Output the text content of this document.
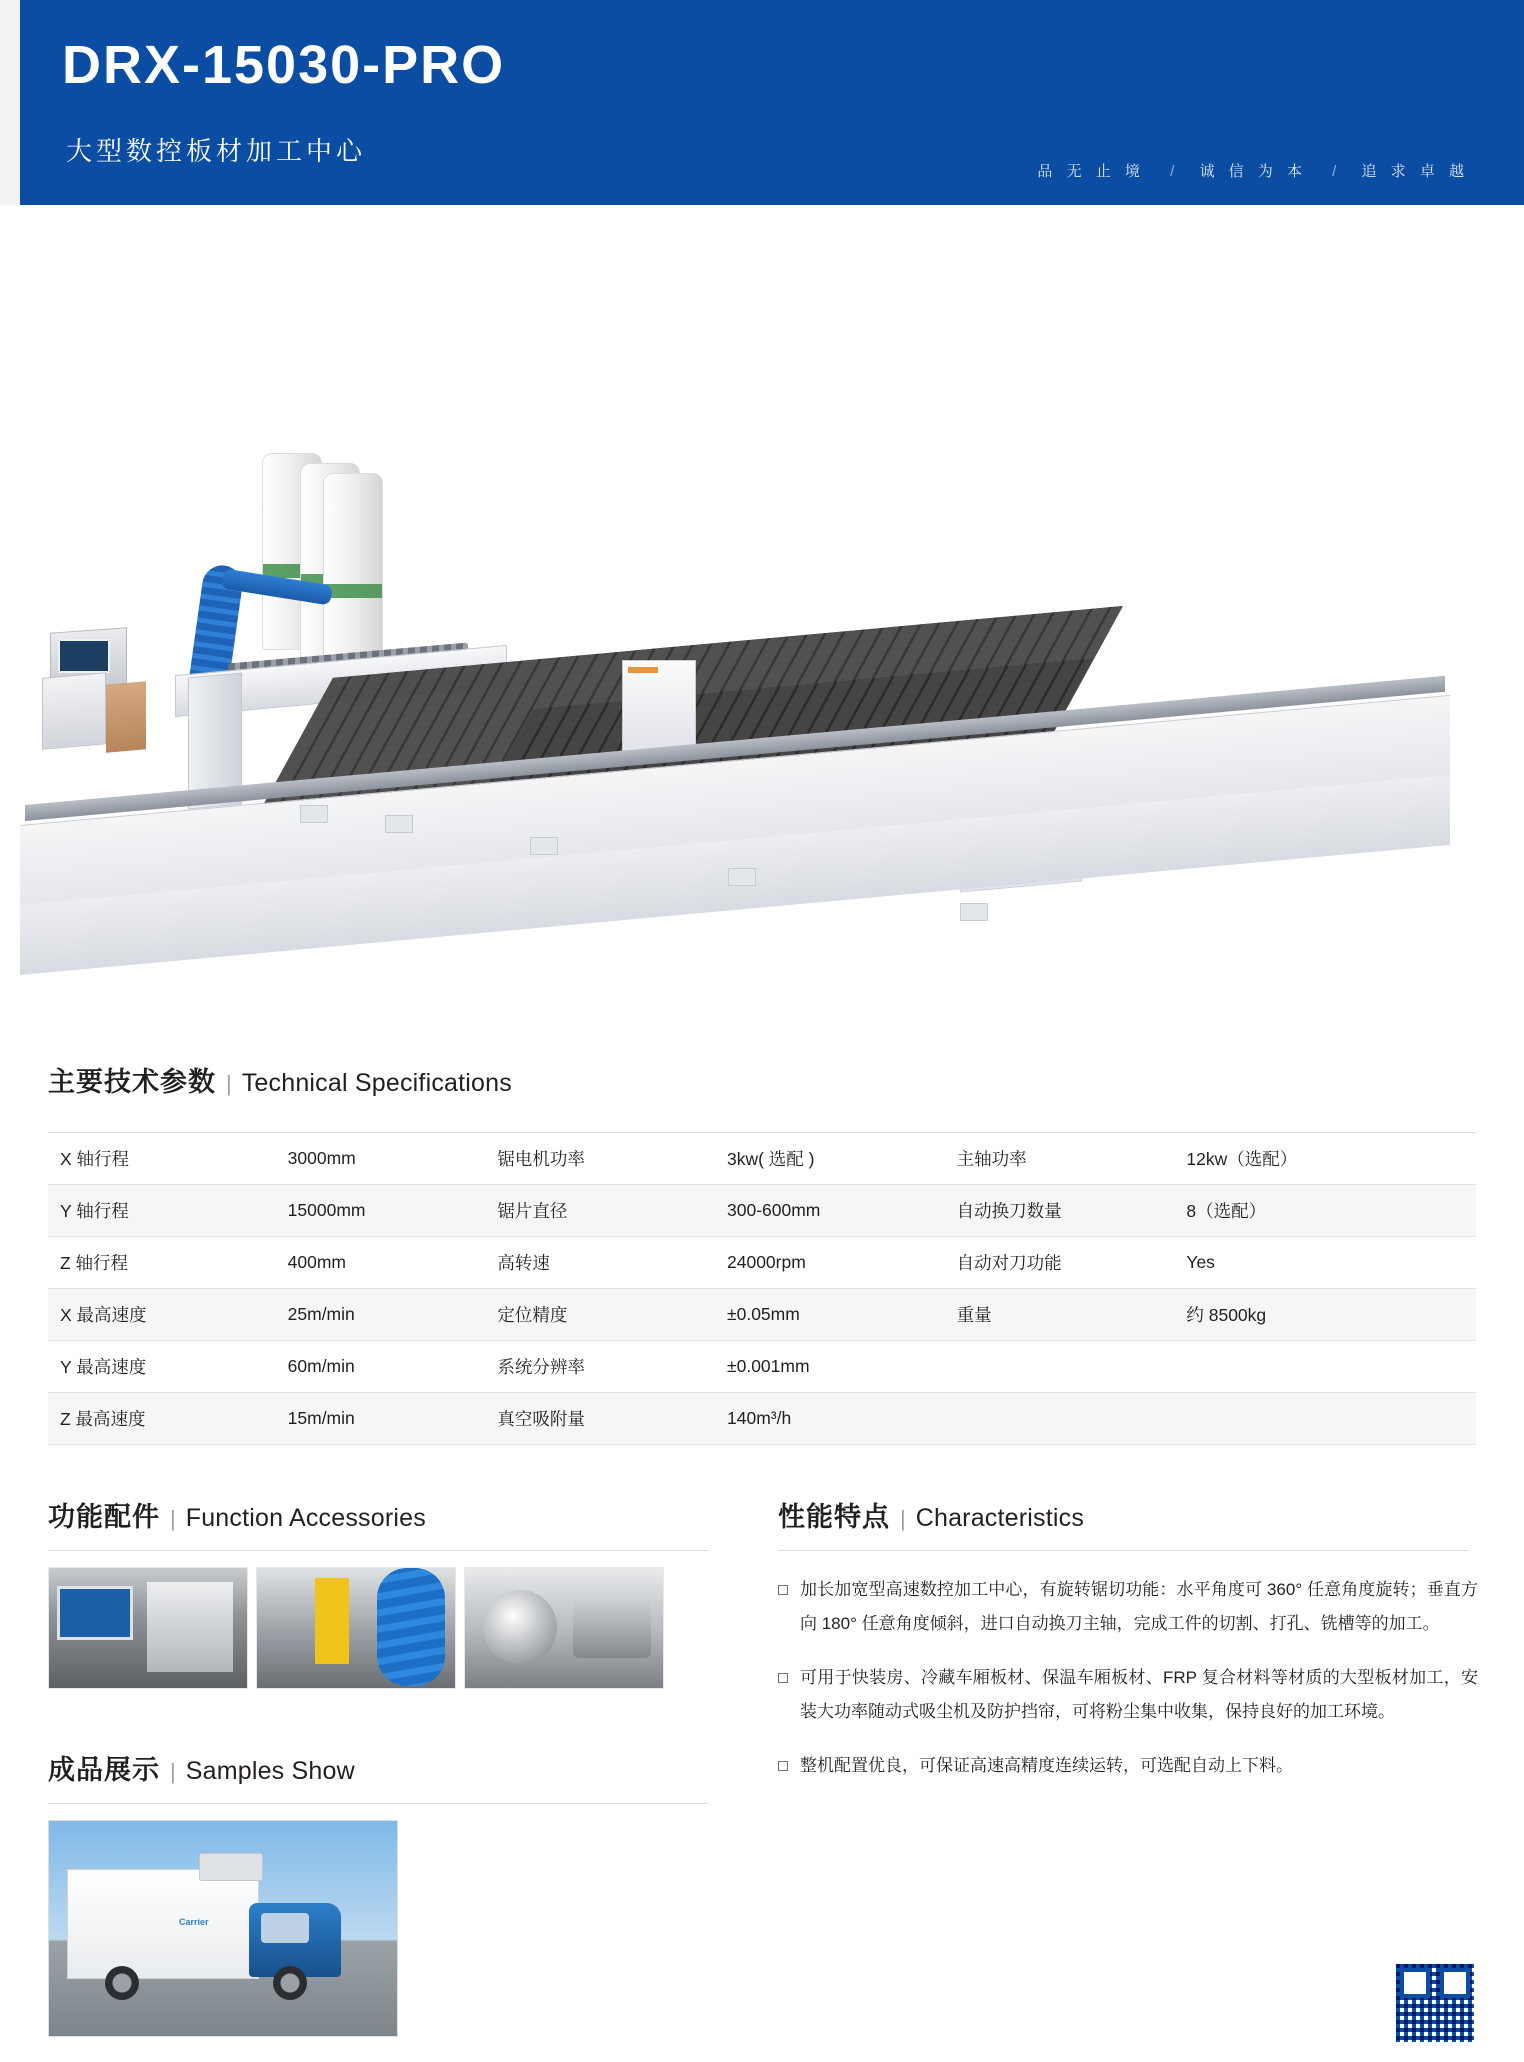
DRX-15030-PRO
大型数控板材加工中心
品 无 止 境 / 诚 信 为 本 / 追 求 卓 越
主要技术参数 | Technical Specifications
X 轴行程	3000mm	锯电机功率	3kw( 选配 )	主轴功率	12kw（选配）
Y 轴行程	15000mm	锯片直径	300-600mm	自动换刀数量	8（选配）
Z 轴行程	400mm	高转速	24000rpm	自动对刀功能	Yes
X 最高速度	25m/min	定位精度	±0.05mm	重量	约 8500kg
Y 最高速度	60m/min	系统分辨率	±0.001mm		
Z 最高速度	15m/min	真空吸附量	140m³/h		
功能配件 | Function Accessories
成品展示 | Samples Show
Carrier
性能特点 | Characteristics
加长加宽型高速数控加工中心，有旋转锯切功能：水平角度可 360° 任意角度旋转；垂直方向 180° 任意角度倾斜，进口自动换刀主轴，完成工件的切割、打孔、铣槽等的加工。
可用于快装房、冷藏车厢板材、保温车厢板材、FRP 复合材料等材质的大型板材加工，安装大功率随动式吸尘机及防护挡帘，可将粉尘集中收集，保持良好的加工环境。
整机配置优良，可保证高速高精度连续运转，可选配自动上下料。
